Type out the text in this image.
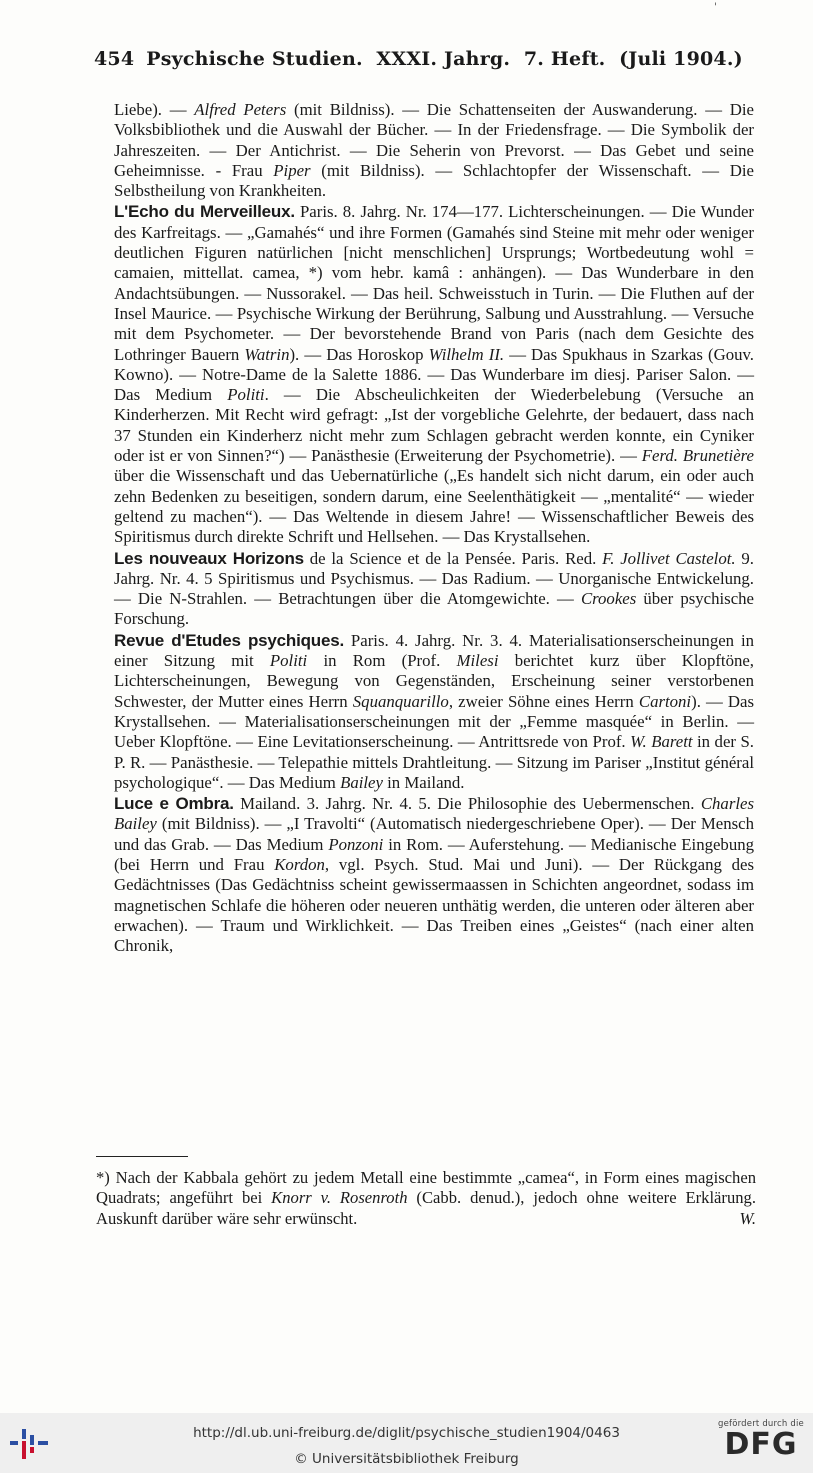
'
454 Psychische Studien.  XXXI. Jahrg.  7. Heft.  (Juli 1904.)

Liebe). — Alfred Peters (mit Bildniss). — Die Schattenseiten der Auswanderung. — Die Volksbibliothek und die Auswahl der Bücher. — In der Friedensfrage. — Die Symbolik der Jahreszeiten. — Der Antichrist. — Die Seherin von Prevorst. — Das Gebet und seine Geheimnisse. - Frau Piper (mit Bildniss). — Schlachtopfer der Wissenschaft. — Die Selbstheilung von Krankheiten.

L'Echo du Merveilleux. Paris. 8. Jahrg. Nr. 174—177. Lichterscheinungen. — Die Wunder des Karfreitags. — „Gamahés“ und ihre Formen (Gamahés sind Steine mit mehr oder weniger deutlichen Figuren natürlichen [nicht menschlichen] Ursprungs; Wortbedeutung wohl = camaien, mittellat. camea, *) vom hebr. kamâ : anhängen). — Das Wunderbare in den Andachtsübungen. — Nussorakel. — Das heil. Schweisstuch in Turin. — Die Fluthen auf der Insel Maurice. — Psychische Wirkung der Berührung, Salbung und Ausstrahlung. — Versuche mit dem Psychometer. — Der bevorstehende Brand von Paris (nach dem Gesichte des Lothringer Bauern Watrin). — Das Horoskop Wilhelm II. — Das Spukhaus in Szarkas (Gouv. Kowno). — Notre-Dame de la Salette 1886. — Das Wunderbare im diesj. Pariser Salon. — Das Medium Politi. — Die Abscheulichkeiten der Wiederbelebung (Versuche an Kinderherzen. Mit Recht wird gefragt: „Ist der vorgebliche Gelehrte, der bedauert, dass nach 37 Stunden ein Kinderherz nicht mehr zum Schlagen gebracht werden konnte, ein Cyniker oder ist er von Sinnen?“) — Panästhesie (Erweiterung der Psychometrie). — Ferd. Brunetière über die Wissenschaft und das Uebernatürliche („Es handelt sich nicht darum, ein oder auch zehn Bedenken zu beseitigen, sondern darum, eine Seelenthätigkeit — „mentalité“ — wieder geltend zu machen“). — Das Weltende in diesem Jahre! — Wissenschaftlicher Beweis des Spiritismus durch direkte Schrift und Hellsehen. — Das Krystallsehen.

Les nouveaux Horizons de la Science et de la Pensée. Paris. Red. F. Jollivet Castelot. 9. Jahrg. Nr. 4. 5 Spiritismus und Psychismus. — Das Radium. — Unorganische Entwickelung. — Die N-Strahlen. — Betrachtungen über die Atomgewichte. — Crookes über psychische Forschung.

Revue d'Etudes psychiques. Paris. 4. Jahrg. Nr. 3. 4. Materialisationserscheinungen in einer Sitzung mit Politi in Rom (Prof. Milesi berichtet kurz über Klopftöne, Lichterscheinungen, Bewegung von Gegenständen, Erscheinung seiner verstorbenen Schwester, der Mutter eines Herrn Squanquarillo, zweier Söhne eines Herrn Cartoni). — Das Krystallsehen. — Materialisationserscheinungen mit der „Femme masquée“ in Berlin. — Ueber Klopftöne. — Eine Levitationserscheinung. — Antrittsrede von Prof. W. Barett in der S. P. R. — Panästhesie. — Telepathie mittels Drahtleitung. — Sitzung im Pariser „Institut général psychologique“. — Das Medium Bailey in Mailand.

Luce e Ombra. Mailand. 3. Jahrg. Nr. 4. 5. Die Philosophie des Uebermenschen. Charles Bailey (mit Bildniss). — „I Travolti“ (Automatisch niedergeschriebene Oper). — Der Mensch und das Grab. — Das Medium Ponzoni in Rom. — Auferstehung. — Medianische Eingebung (bei Herrn und Frau Kordon, vgl. Psych. Stud. Mai und Juni). — Der Rückgang des Gedächtnisses (Das Gedächtniss scheint gewissermaassen in Schichten angeordnet, sodass im magnetischen Schlafe die höheren oder neueren unthätig werden, die unteren oder älteren aber erwachen). — Traum und Wirklichkeit. — Das Treiben eines „Geistes“ (nach einer alten Chronik,

*) Nach der Kabbala gehört zu jedem Metall eine bestimmte „camea“, in Form eines magischen Quadrats; angeführt bei Knorr v. Rosenroth (Cabb. denud.), jedoch ohne weitere Erklärung. Auskunft darüber wäre sehr erwünscht.	W.

http://dl.ub.uni-freiburg.de/diglit/psychische_studien1904/0463
© Universitätsbibliothek Freiburg
gefördert durch die
DFG
